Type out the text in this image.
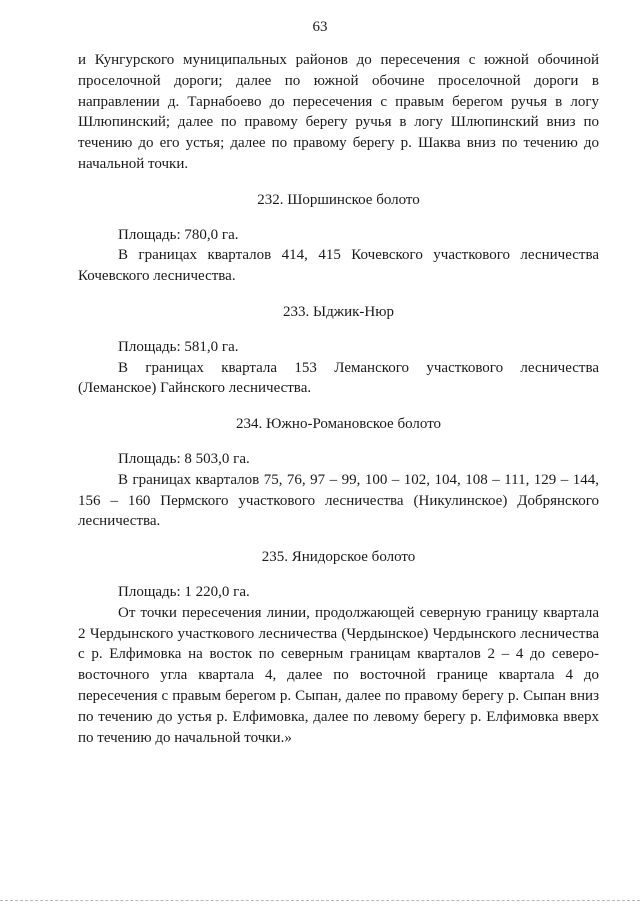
63

и Кунгурского муниципальных районов до пересечения с южной обочиной проселочной дороги; далее по южной обочине проселочной дороги в направлении д. Тарнабоево до пересечения с правым берегом ручья в логу Шлюпинский; далее по правому берегу ручья в логу Шлюпинский вниз по течению до его устья; далее по правому берегу р. Шаква вниз по течению до начальной точки.

232. Шоршинское болото

Площадь: 780,0 га.

В границах кварталов 414, 415 Кочевского участкового лесничества Кочевского лесничества.

233. Ыджик-Нюр

Площадь: 581,0 га.

В границах квартала 153 Леманского участкового лесничества (Леманское) Гайнского лесничества.

234. Южно-Романовское болото

Площадь: 8 503,0 га.

В границах кварталов 75, 76, 97 – 99, 100 – 102, 104, 108 – 111, 129 – 144, 156 – 160 Пермского участкового лесничества (Никулинское) Добрянского лесничества.

235. Янидорское болото

Площадь: 1 220,0 га.

От точки пересечения линии, продолжающей северную границу квартала 2 Чердынского участкового лесничества (Чердынское) Чердынского лесничества с р. Елфимовка на восток по северным границам кварталов 2 – 4 до северо-восточного угла квартала 4, далее по восточной границе квартала 4 до пересечения с правым берегом р. Сыпан, далее по правому берегу р. Сыпан вниз по течению до устья р. Елфимовка, далее по левому берегу р. Елфимовка вверх по течению до начальной точки.»
